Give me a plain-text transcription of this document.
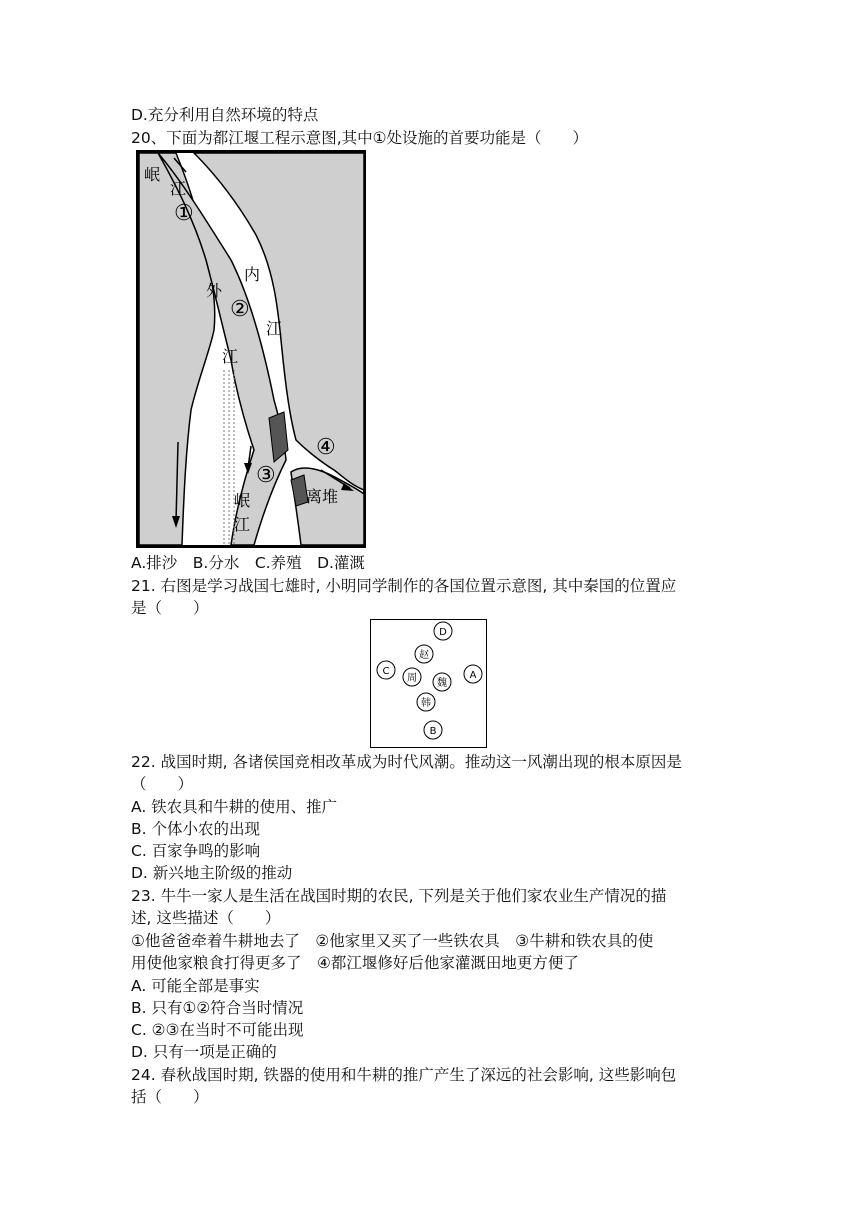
D.充分利用自然环境的特点
20、下面为都江堰工程示意图,其中①处设施的首要功能是（　　）
岷
江
①
内
外
②
江
江
④
③
岷
江
离堆
A.排沙　B.分水　C.养殖　D.灌溉
21. 右图是学习战国七雄时, 小明同学制作的各国位置示意图, 其中秦国的位置应
是（　　）
D
赵
C
周 魏
A
韩
B
22. 战国时期, 各诸侯国竞相改革成为时代风潮。推动这一风潮出现的根本原因是
（　　）
A. 铁农具和牛耕的使用、推广
B. 个体小农的出现
C. 百家争鸣的影响
D. 新兴地主阶级的推动
23. 牛牛一家人是生活在战国时期的农民, 下列是关于他们家农业生产情况的描
述, 这些描述（　　）
①他爸爸牵着牛耕地去了　②他家里又买了一些铁农具　③牛耕和铁农具的使
用使他家粮食打得更多了　④都江堰修好后他家灌溉田地更方便了
A. 可能全部是事实
B. 只有①②符合当时情况
C. ②③在当时不可能出现
D. 只有一项是正确的
24. 春秋战国时期, 铁器的使用和牛耕的推广产生了深远的社会影响, 这些影响包
括（　　）
